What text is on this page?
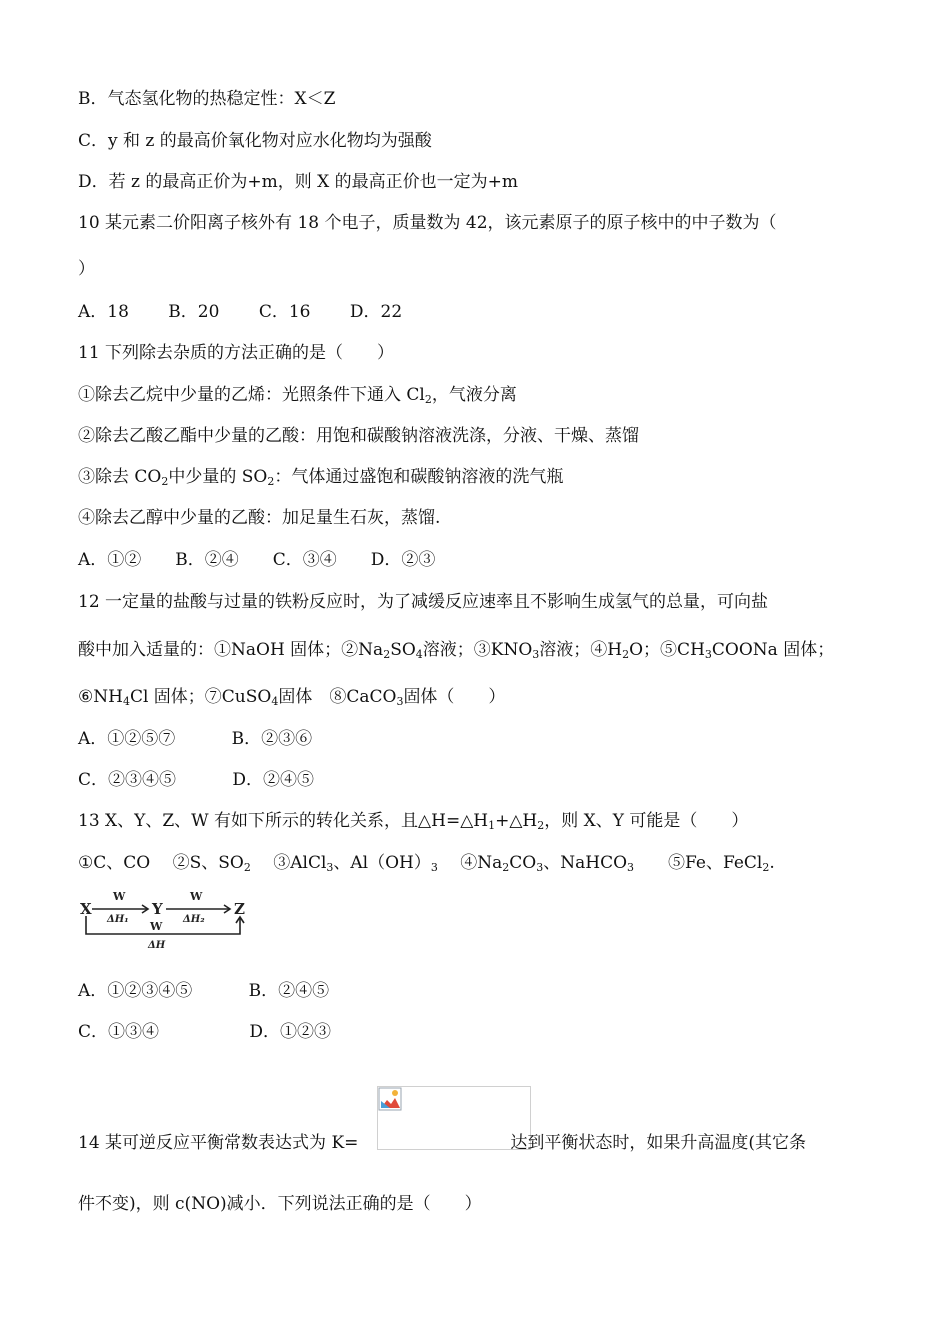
B．气态氢化物的热稳定性：X＜Z
C．y 和 z 的最高价氧化物对应水化物均为强酸
D．若 z 的最高正价为+m，则 X 的最高正价也一定为+m
10 某元素二价阳离子核外有 18 个电子，质量数为 42，该元素原子的原子核中的中子数为（
）
A．18　　 B．20　　 C．16　　 D．22
11 下列除去杂质的方法正确的是（　　）
①除去乙烷中少量的乙烯：光照条件下通入 $Cl_2$，气液分离
②除去乙酸乙酯中少量的乙酸：用饱和碳酸钠溶液洗涤，分液、干燥、蒸馏
③除去 $CO_2$中少量的 $SO_2$：气体通过盛饱和碳酸钠溶液的洗气瓶
④除去乙醇中少量的乙酸：加足量生石灰，蒸馏.
A．①②　　B．②④　　C．③④　　D．②③
12 一定量的盐酸与过量的铁粉反应时，为了减缓反应速率且不影响生成氢气的总量，可向盐
酸中加入适量的：①NaOH 固体；$②Na_2SO_4$溶液；$③KNO_3$溶液；$④H_2O$；$⑤CH_3COONa$ 固体；
$⑥NH_4Cl$ 固体；⑦CuSO$_4$固体　⑧CaCO$_3$固体（　　）
A．①②⑤⑦　　　 B．②③⑥
C．②③④⑤　　　 D．②④⑤
13 X、Y、Z、W 有如下所示的转化关系，且$\triangle H=\triangle H_1+\triangle H_2$，则 X、Y 可能是（　　）
①C、CO　 ②S、$SO_2$　 ③AlCl$_3$、$Al(OH)_3$　 $④Na_2CO_3$、NaHCO$_3$　　⑤Fe、FeCl$_2$.
X	Y	Z
W	W
W
ΔH₁	ΔH₂
ΔH
A．①②③④⑤　　　 B．②④⑤
C．①③④　　　　　 D．①②③
14 某可逆反应平衡常数表达式为 K=	达到平衡状态时，如果升高温度(其它条
件不变)，则 c(NO)减小．下列说法正确的是（　　）
